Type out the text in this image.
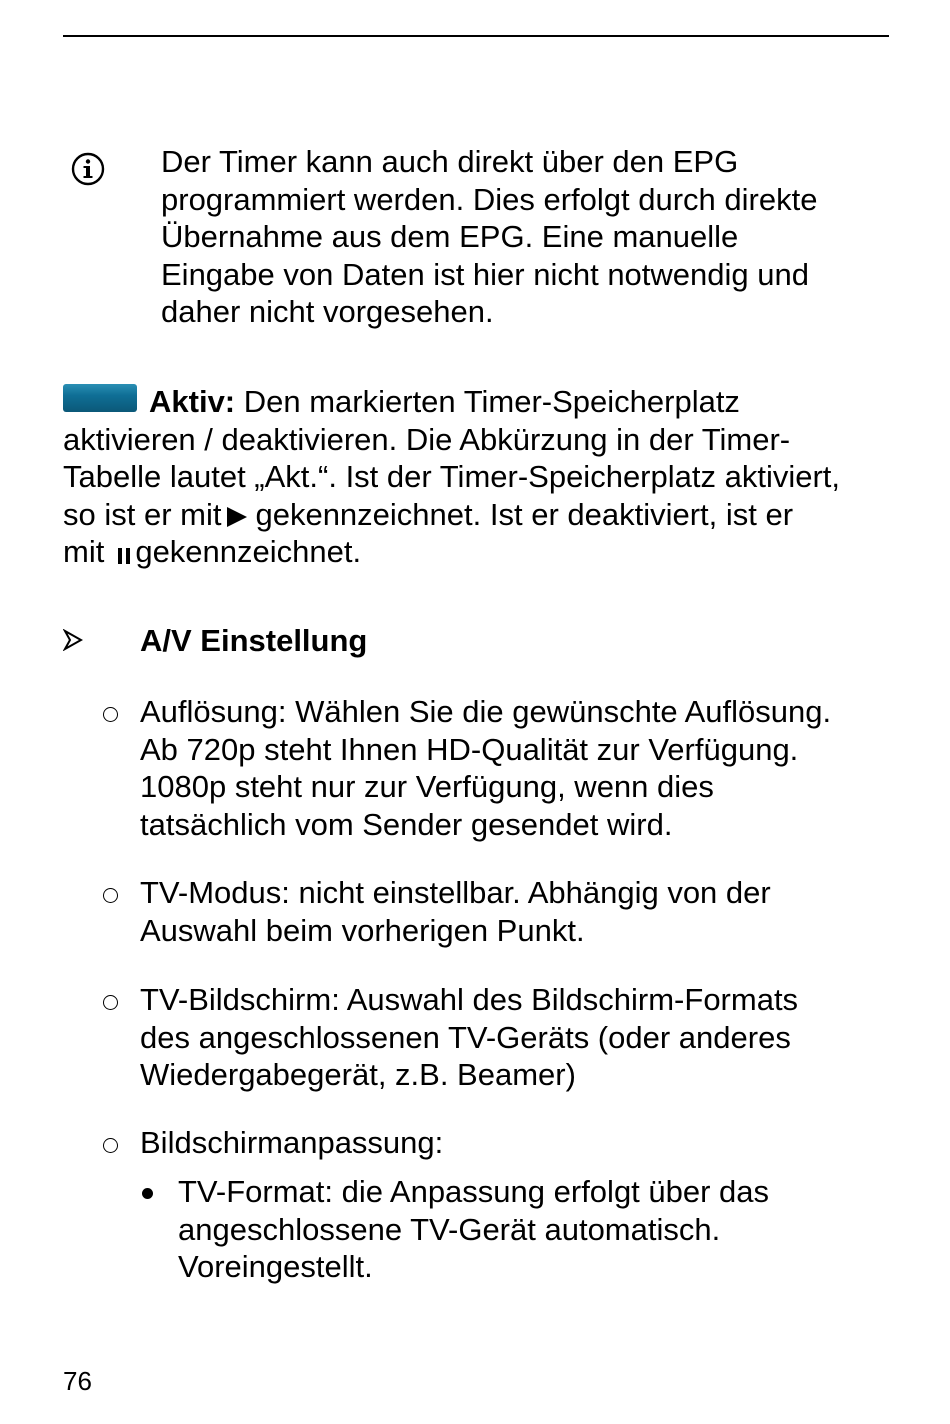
Der Timer kann auch direkt über den EPG
programmiert werden. Dies erfolgt durch direkte
Übernahme aus dem EPG. Eine manuelle
Eingabe von Daten ist hier nicht notwendig und
daher nicht vorgesehen.
Aktiv: Den markierten Timer-Speicherplatz
aktivieren / deaktivieren. Die Abkürzung in der Timer-
Tabelle lautet „Akt.“. Ist der Timer-Speicherplatz aktiviert,
so ist er mit gekennzeichnet. Ist er deaktiviert, ist er
mit gekennzeichnet.
A/V Einstellung
Auflösung: Wählen Sie die gewünschte Auflösung.
Ab 720p steht Ihnen HD-Qualität zur Verfügung.
1080p steht nur zur Verfügung, wenn dies
tatsächlich vom Sender gesendet wird.
TV-Modus: nicht einstellbar. Abhängig von der
Auswahl beim vorherigen Punkt.
TV-Bildschirm: Auswahl des Bildschirm-Formats
des angeschlossenen TV-Geräts (oder anderes
Wiedergabegerät, z.B. Beamer)
Bildschirmanpassung:
TV-Format: die Anpassung erfolgt über das
angeschlossene TV-Gerät automatisch.
Voreingestellt.
76
